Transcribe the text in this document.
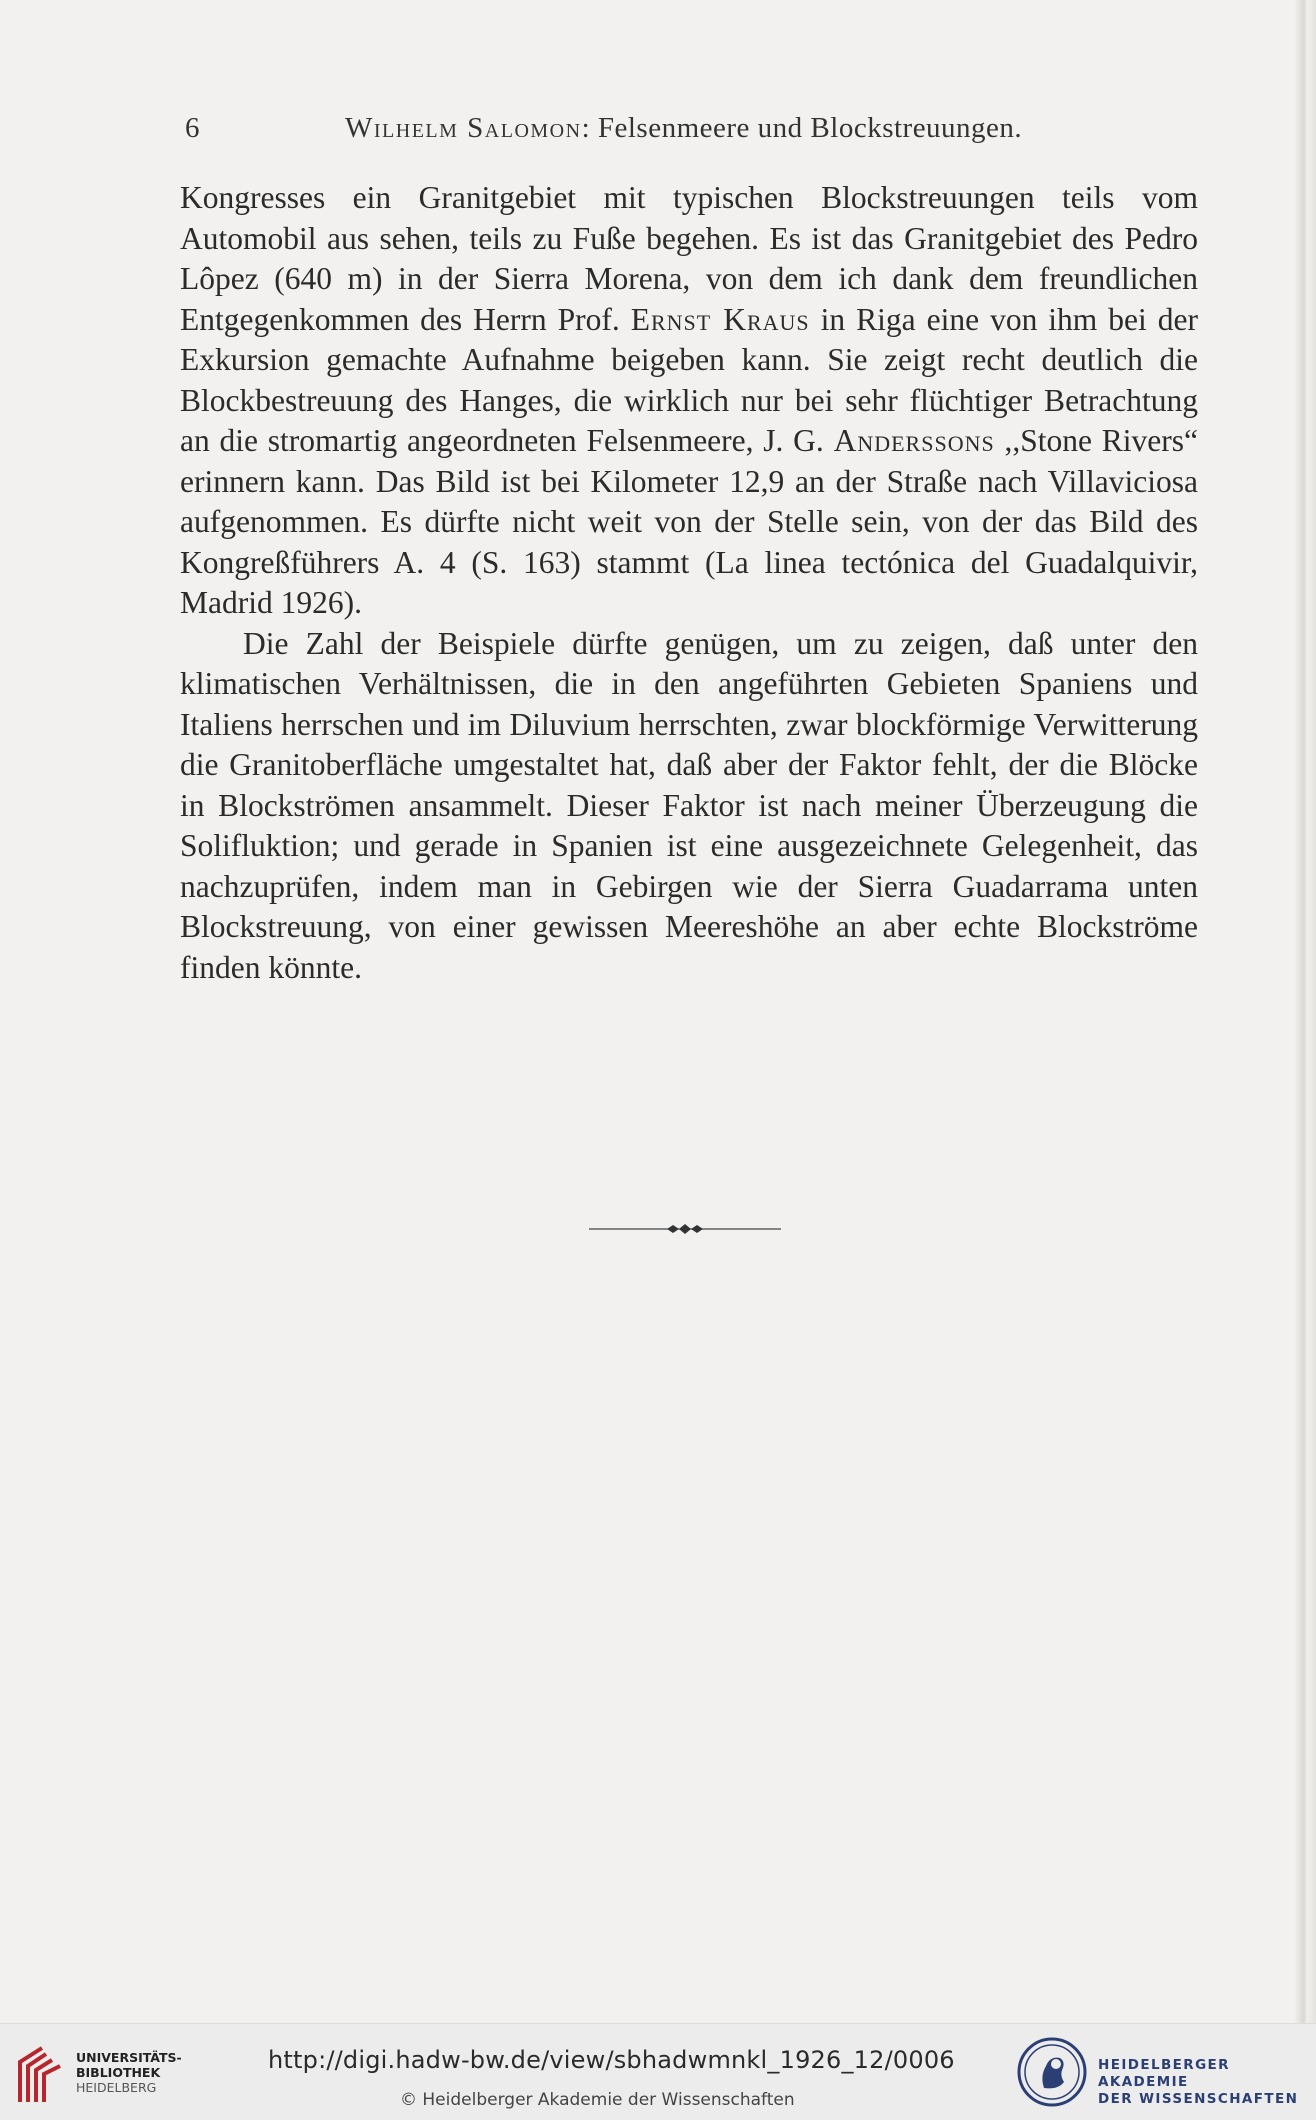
6	Wilhelm Salomon: Felsenmeere und Blockstreuungen.

Kongresses ein Granitgebiet mit typischen Blockstreuungen teils vom Automobil aus sehen, teils zu Fuße begehen. Es ist das Granitgebiet des Pedro Lôpez (640 m) in der Sierra Morena, von dem ich dank dem freundlichen Entgegenkommen des Herrn Prof. Ernst Kraus in Riga eine von ihm bei der Exkursion gemachte Aufnahme beigeben kann. Sie zeigt recht deutlich die Blockbestreuung des Hanges, die wirklich nur bei sehr flüchtiger Betrachtung an die stromartig angeordneten Felsenmeere, J. G. Anderssons ,,Stone Rivers“ erinnern kann. Das Bild ist bei Kilometer 12,9 an der Straße nach Villaviciosa aufgenommen. Es dürfte nicht weit von der Stelle sein, von der das Bild des Kongreßführers A. 4 (S. 163) stammt (La linea tectónica del Guadalquivir, Madrid 1926).

Die Zahl der Beispiele dürfte genügen, um zu zeigen, daß unter den klimatischen Verhältnissen, die in den angeführten Gebieten Spaniens und Italiens herrschen und im Diluvium herrschten, zwar blockförmige Verwitterung die Granitoberfläche umgestaltet hat, daß aber der Faktor fehlt, der die Blöcke in Blockströmen ansammelt. Dieser Faktor ist nach meiner Überzeugung die Solifluktion; und gerade in Spanien ist eine ausgezeichnete Gelegenheit, das nachzuprüfen, indem man in Gebirgen wie der Sierra Guadarrama unten Blockstreuung, von einer gewissen Meereshöhe an aber echte Blockströme finden könnte.

UNIVERSITÄTS-
BIBLIOTHEK
HEIDELBERG
http://digi.hadw-bw.de/view/sbhadwmnkl_1926_12/0006
© Heidelberger Akademie der Wissenschaften
HEIDELBERGER AKADEMIE
DER WISSENSCHAFTEN
